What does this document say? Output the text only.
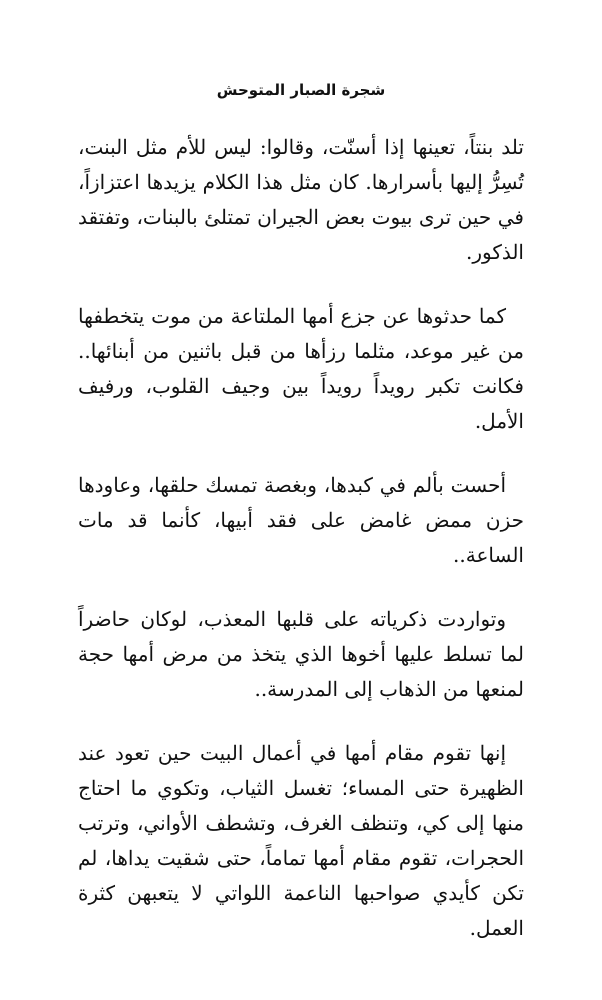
شجرة الصبار المتوحش

تلد بنتاً، تعينها إذا أسنّت، وقالوا: ليس للأم مثل البنت، تُسِرُّ إليها بأسرارها. كان مثل هذا الكلام يزيدها اعتزازاً، في حين ترى بيوت بعض الجيران تمتلئ بالبنات، وتفتقد الذكور.

كما حدثوها عن جزع أمها الملتاعة من موت يتخطفها من غير موعد، مثلما رزأها من قبل باثنين من أبنائها.. فكانت تكبر رويداً رويداً بين وجيف القلوب، ورفيف الأمل.

أحست بألم في كبدها، وبغصة تمسك حلقها، وعاودها حزن ممض غامض على فقد أبيها، كأنما قد مات الساعة..

وتواردت ذكرياته على قلبها المعذب، لوكان حاضراً لما تسلط عليها أخوها الذي يتخذ من مرض أمها حجة لمنعها من الذهاب إلى المدرسة..

إنها تقوم مقام أمها في أعمال البيت حين تعود عند الظهيرة حتى المساء؛ تغسل الثياب، وتكوي ما احتاج منها إلى كي، وتنظف الغرف، وتشطف الأواني، وترتب الحجرات، تقوم مقام أمها تماماً، حتى شقيت يداها، لم تكن كأيدي صواحبها الناعمة اللواتي لا يتعبهن كثرة العمل.
